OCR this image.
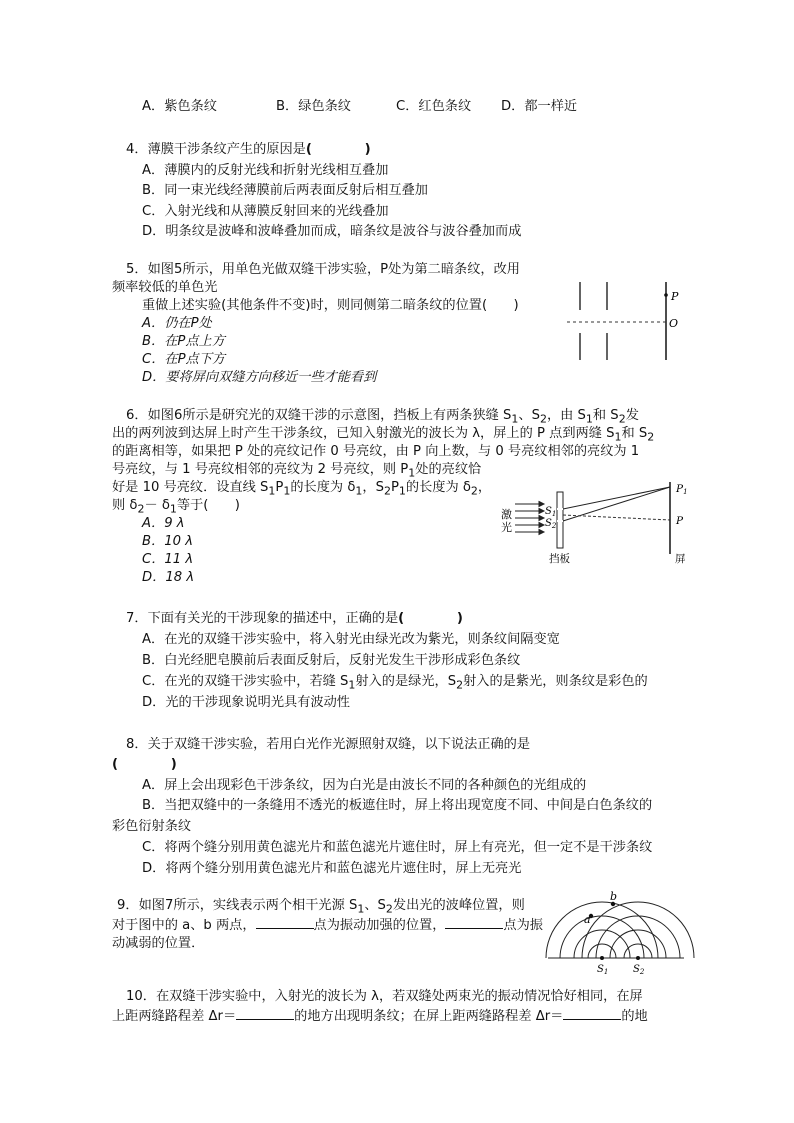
A．紫色条纹	B．绿色条纹	C．红色条纹 D．都一样近
4．薄膜干涉条纹产生的原因是(　　　　)
A．薄膜内的反射光线和折射光线相互叠加
B．同一束光线经薄膜前后两表面反射后相互叠加
C．入射光线和从薄膜反射回来的光线叠加
D．明条纹是波峰和波峰叠加而成，暗条纹是波谷与波谷叠加而成
5．如图5所示，用单色光做双缝干涉实验，P处为第二暗条纹，改用
频率较低的单色光
重做上述实验(其他条件不变)时，则同侧第二暗条纹的位置(　　)
A．仍在P处
B．在P点上方
C．在P点下方
D．要将屏向双缝方向移近一些才能看到
P
O
6．如图6所示是研究光的双缝干涉的示意图，挡板上有两条狭缝 $S_1$、$S_2$，由 $S_1$和 $S_2$发
出的两列波到达屏上时产生干涉条纹，已知入射激光的波长为 λ，屏上的 P 点到两缝 $S_1$和 $S_2$
的距离相等，如果把 P 处的亮纹记作 0 号亮纹，由 P 向上数，与 0 号亮纹相邻的亮纹为 1
号亮纹，与 1 号亮纹相邻的亮纹为 2 号亮纹，则 $P_1$处的亮纹恰
好是 10 号亮纹．设直线 $S_1P_1$的长度为 $\delta_1$，$S_2P_1$的长度为 $\delta_2$，
则 $\delta_2- \delta_1$等于(　　)
A．9 λ
B．10 λ
C．11 λ
D．18 λ
激
光
$S_1$
$S_2$
P1
P
挡板	屏
7．下面有关光的干涉现象的描述中，正确的是(　　　　)
A．在光的双缝干涉实验中，将入射光由绿光改为紫光，则条纹间隔变宽
B．白光经肥皂膜前后表面反射后，反射光发生干涉形成彩色条纹
C．在光的双缝干涉实验中，若缝 $S_1$射入的是绿光，$S_2$射入的是紫光，则条纹是彩色的
D．光的干涉现象说明光具有波动性
8．关于双缝干涉实验，若用白光作光源照射双缝，以下说法正确的是
(　　　　)
A．屏上会出现彩色干涉条纹，因为白光是由波长不同的各种颜色的光组成的
B．当把双缝中的一条缝用不透光的板遮住时，屏上将出现宽度不同、中间是白色条纹的
彩色衍射条纹
C．将两个缝分别用黄色滤光片和蓝色滤光片遮住时，屏上有亮光，但一定不是干涉条纹
D．将两个缝分别用黄色滤光片和蓝色滤光片遮住时，屏上无亮光
9．如图7所示，实线表示两个相干光源 $S_1$、$S_2$发出光的波峰位置，则
对于图中的 a、b 两点，	点为振动加强的位置，	点为振
动减弱的位置．
a
b
$S_1$ $S_2$
10．在双缝干涉实验中，入射光的波长为 λ，若双缝处两束光的振动情况恰好相同，在屏
上距两缝路程差 Δr＝	的地方出现明条纹；在屏上距两缝路程差 Δr＝	的地
